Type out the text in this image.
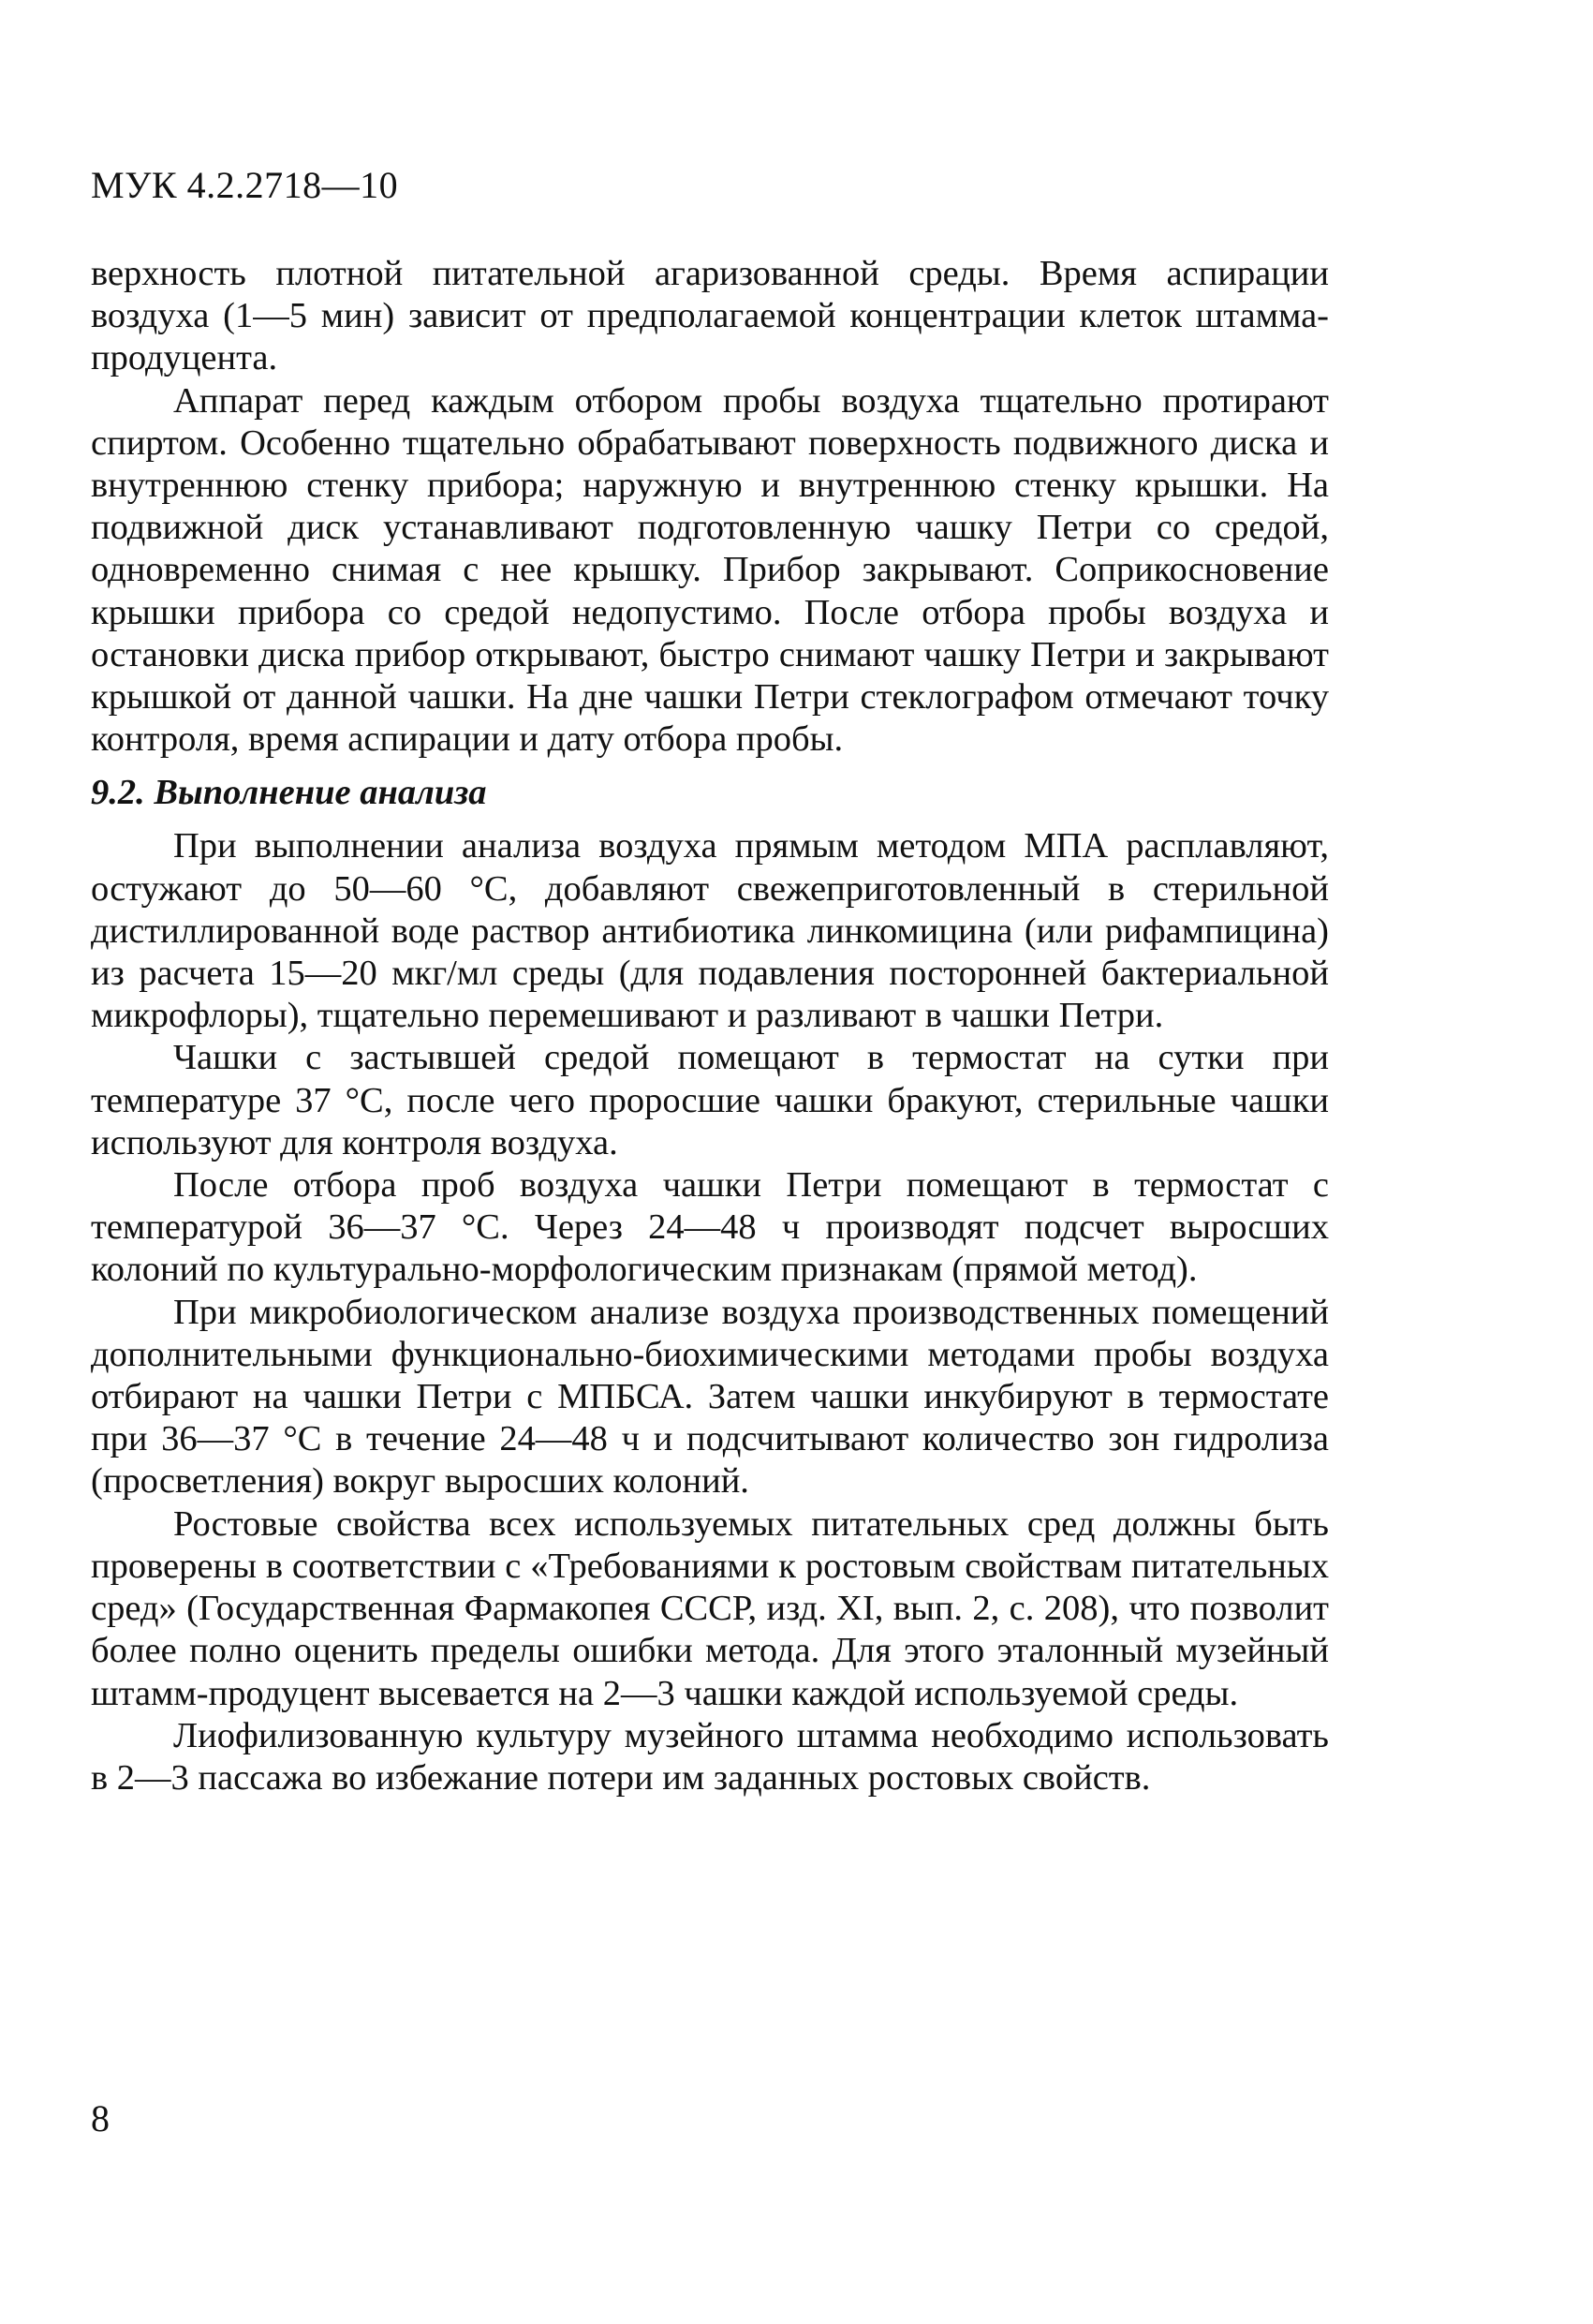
МУК 4.2.2718—10

верхность плотной питательной агаризованной среды. Время аспирации воздуха (1—5 мин) зависит от предполагаемой концентрации клеток штамма-продуцента.

Аппарат перед каждым отбором пробы воздуха тщательно протирают спиртом. Особенно тщательно обрабатывают поверхность подвижного диска и внутреннюю стенку прибора; наружную и внутреннюю стенку крышки. На подвижной диск устанавливают подготовленную чашку Петри со средой, одновременно снимая с нее крышку. Прибор закрывают. Соприкосновение крышки прибора со средой недопустимо. После отбора пробы воздуха и остановки диска прибор открывают, быстро снимают чашку Петри и закрывают крышкой от данной чашки. На дне чашки Петри стеклографом отмечают точку контроля, время аспирации и дату отбора пробы.

9.2. Выполнение анализа

При выполнении анализа воздуха прямым методом МПА расплавляют, остужают до 50—60 °С, добавляют свежеприготовленный в стерильной дистиллированной воде раствор антибиотика линкомицина (или рифампицина) из расчета 15—20 мкг/мл среды (для подавления посторонней бактериальной микрофлоры), тщательно перемешивают и разливают в чашки Петри.

Чашки с застывшей средой помещают в термостат на сутки при температуре 37 °С, после чего проросшие чашки бракуют, стерильные чашки используют для контроля воздуха.

После отбора проб воздуха чашки Петри помещают в термостат с температурой 36—37 °С. Через 24—48 ч производят подсчет выросших колоний по культурально-морфологическим признакам (прямой метод).

При микробиологическом анализе воздуха производственных помещений дополнительными функционально-биохимическими методами пробы воздуха отбирают на чашки Петри с МПБСА. Затем чашки инкубируют в термостате при 36—37 °С в течение 24—48 ч и подсчитывают количество зон гидролиза (просветления) вокруг выросших колоний.

Ростовые свойства всех используемых питательных сред должны быть проверены в соответствии с «Требованиями к ростовым свойствам питательных сред» (Государственная Фармакопея СССР, изд. XI, вып. 2, с. 208), что позволит более полно оценить пределы ошибки метода. Для этого эталонный музейный штамм-продуцент высевается на 2—3 чашки каждой используемой среды.

Лиофилизованную культуру музейного штамма необходимо использовать в 2—3 пассажа во избежание потери им заданных ростовых свойств.

8
